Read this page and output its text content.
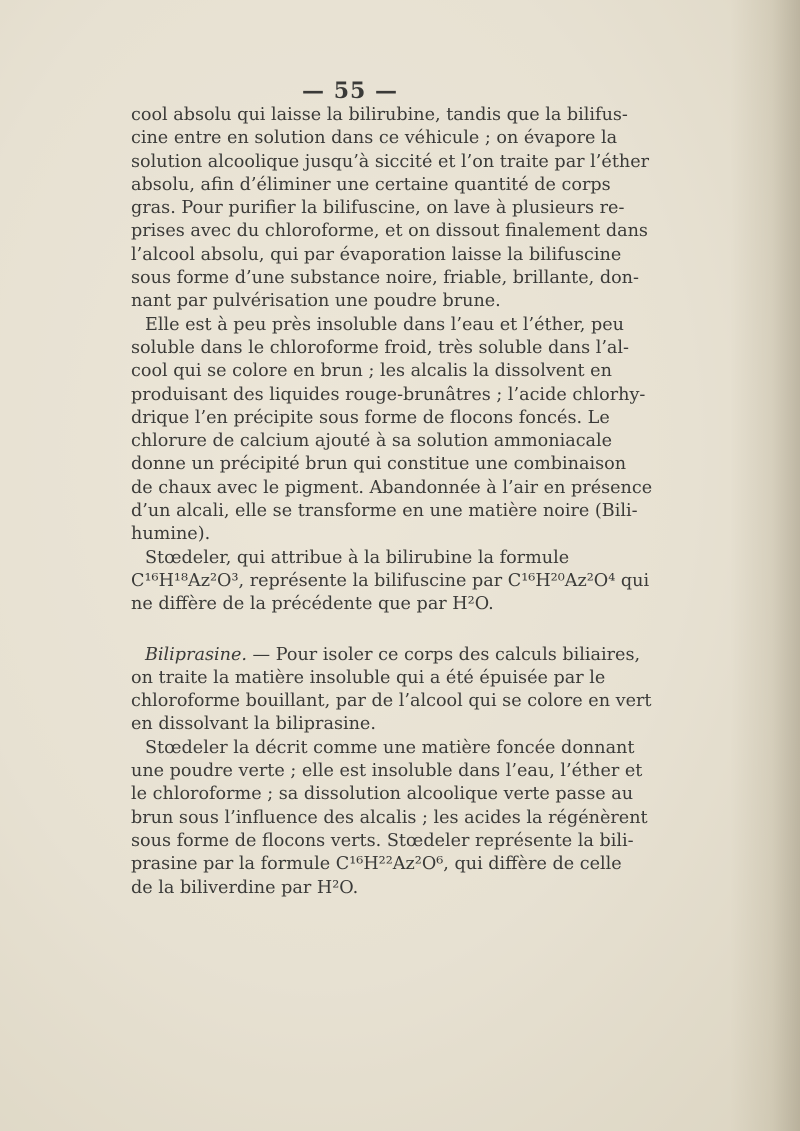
— 55 —
cool absolu qui laisse la bilirubine, tandis que la bilifus-
cine entre en solution dans ce véhicule ; on évapore la
solution alcoolique jusqu’à siccité et l’on traite par l’éther
absolu, afin d’éliminer une certaine quantité de corps
gras. Pour purifier la bilifuscine, on lave à plusieurs re-
prises avec du chloroforme, et on dissout finalement dans
l’alcool absolu, qui par évaporation laisse la bilifuscine
sous forme d’une substance noire, friable, brillante, don-
nant par pulvérisation une poudre brune.
Elle est à peu près insoluble dans l’eau et l’éther, peu
soluble dans le chloroforme froid, très soluble dans l’al-
cool qui se colore en brun ; les alcalis la dissolvent en
produisant des liquides rouge-brunâtres ; l’acide chlorhy-
drique l’en précipite sous forme de flocons foncés. Le
chlorure de calcium ajouté à sa solution ammoniacale
donne un précipité brun qui constitue une combinaison
de chaux avec le pigment. Abandonnée à l’air en présence
d’un alcali, elle se transforme en une matière noire (Bili-
humine).
Stœdeler, qui attribue à la bilirubine la formule
C¹⁶H¹⁸Az²O³, représente la bilifuscine par C¹⁶H²⁰Az²O⁴ qui
ne diffère de la précédente que par H²O.
Biliprasine. — Pour isoler ce corps des calculs biliaires,
on traite la matière insoluble qui a été épuisée par le
chloroforme bouillant, par de l’alcool qui se colore en vert
en dissolvant la biliprasine.
Stœdeler la décrit comme une matière foncée donnant
une poudre verte ; elle est insoluble dans l’eau, l’éther et
le chloroforme ; sa dissolution alcoolique verte passe au
brun sous l’influence des alcalis ; les acides la régénèrent
sous forme de flocons verts. Stœdeler représente la bili-
prasine par la formule C¹⁶H²²Az²O⁶, qui diffère de celle
de la biliverdine par H²O.
